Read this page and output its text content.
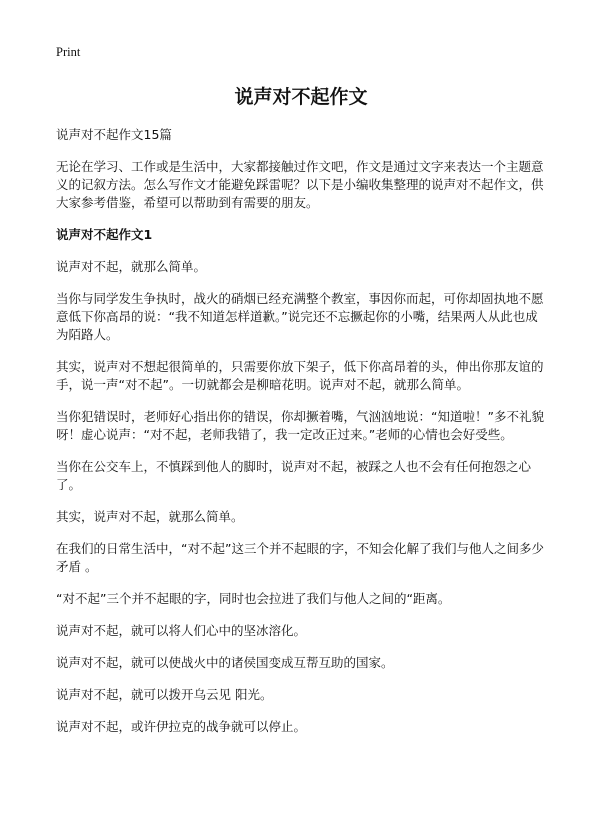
Print

说声对不起作文

说声对不起作文15篇

无论在学习、工作或是生活中，大家都接触过作文吧，作文是通过文字来表达一个主题意义的记叙方法。怎么写作文才能避免踩雷呢？以下是小编收集整理的说声对不起作文，供大家参考借鉴，希望可以帮助到有需要的朋友。

说声对不起作文1

说声对不起，就那么简单。

当你与同学发生争执时，战火的硝烟已经充满整个教室，事因你而起，可你却固执地不愿意低下你高昂的说：“我不知道怎样道歉。”说完还不忘撅起你的小嘴，结果两人从此也成为陌路人。

其实，说声对不想起很简单的，只需要你放下架子，低下你高昂着的头，伸出你那友谊的手，说一声“对不起”。一切就都会是柳暗花明。说声对不起，就那么简单。

当你犯错误时，老师好心指出你的错误，你却撅着嘴，气汹汹地说：“知道啦！”多不礼貌呀！虚心说声：“对不起，老师我错了，我一定改正过来。”老师的心情也会好受些。

当你在公交车上，不慎踩到他人的脚时，说声对不起，被踩之人也不会有任何抱怨之心了。

其实，说声对不起，就那么简单。

在我们的日常生活中，“对不起”这三个并不起眼的字，不知会化解了我们与他人之间多少矛盾 。

“对不起”三个并不起眼的字，同时也会拉进了我们与他人之间的“距离。

说声对不起，就可以将人们心中的坚冰溶化。

说声对不起，就可以使战火中的诸侯国变成互帮互助的国家。

说声对不起，就可以拨开乌云见 阳光。

说声对不起，或许伊拉克的战争就可以停止。
